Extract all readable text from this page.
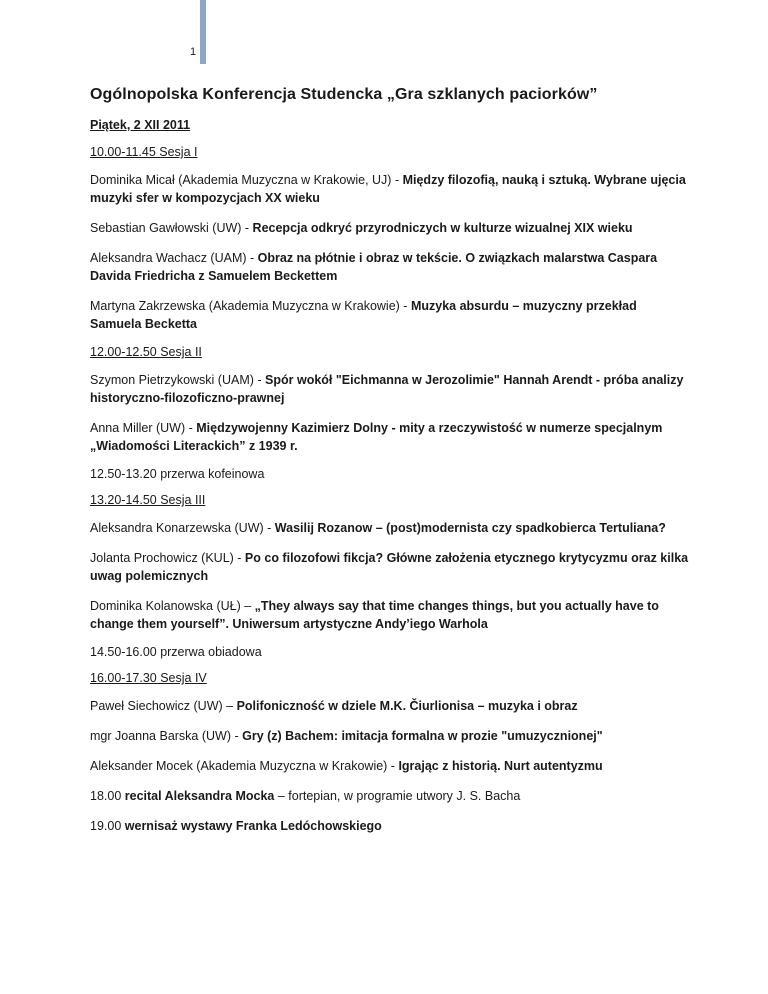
1

Ogólnopolska Konferencja Studencka „Gra szklanych paciorków”

Piątek, 2 XII 2011

10.00-11.45 Sesja I

Dominika Micał (Akademia Muzyczna w Krakowie, UJ) - Między filozofią, nauką i sztuką. Wybrane ujęcia muzyki sfer w kompozycjach XX wieku

Sebastian Gawłowski (UW) - Recepcja odkryć przyrodniczych w kulturze wizualnej XIX wieku

Aleksandra Wachacz (UAM) - Obraz na płótnie i obraz w tekście. O związkach malarstwa Caspara Davida Friedricha z Samuelem Beckettem

Martyna Zakrzewska (Akademia Muzyczna w Krakowie) - Muzyka absurdu – muzyczny przekład Samuela Becketta

12.00-12.50 Sesja II

Szymon Pietrzykowski (UAM) - Spór wokół "Eichmanna w Jerozolimie" Hannah Arendt - próba analizy historyczno-filozoficzno-prawnej

Anna Miller (UW) - Międzywojenny Kazimierz Dolny - mity a rzeczywistość w numerze specjalnym „Wiadomości Literackich” z 1939 r.

12.50-13.20 przerwa kofeinowa

13.20-14.50 Sesja III

Aleksandra Konarzewska (UW) - Wasilij Rozanow – (post)modernista czy spadkobierca Tertuliana?

Jolanta Prochowicz (KUL) - Po co filozofowi fikcja? Główne założenia etycznego krytycyzmu oraz kilka uwag polemicznych

Dominika Kolanowska (UŁ) – „They always say that time changes things, but you actually have to change them yourself”. Uniwersum artystyczne Andy’iego Warhola

14.50-16.00 przerwa obiadowa

16.00-17.30 Sesja IV

Paweł Siechowicz (UW) – Polifoniczność w dziele M.K. Čiurlionisa – muzyka i obraz

mgr Joanna Barska (UW) - Gry (z) Bachem: imitacja formalna w prozie "umuzycznionej"

Aleksander Mocek (Akademia Muzyczna w Krakowie) - Igrając z historią. Nurt autentyzmu

18.00 recital Aleksandra Mocka – fortepian, w programie utwory J. S. Bacha

19.00 wernisaż wystawy Franka Ledóchowskiego
